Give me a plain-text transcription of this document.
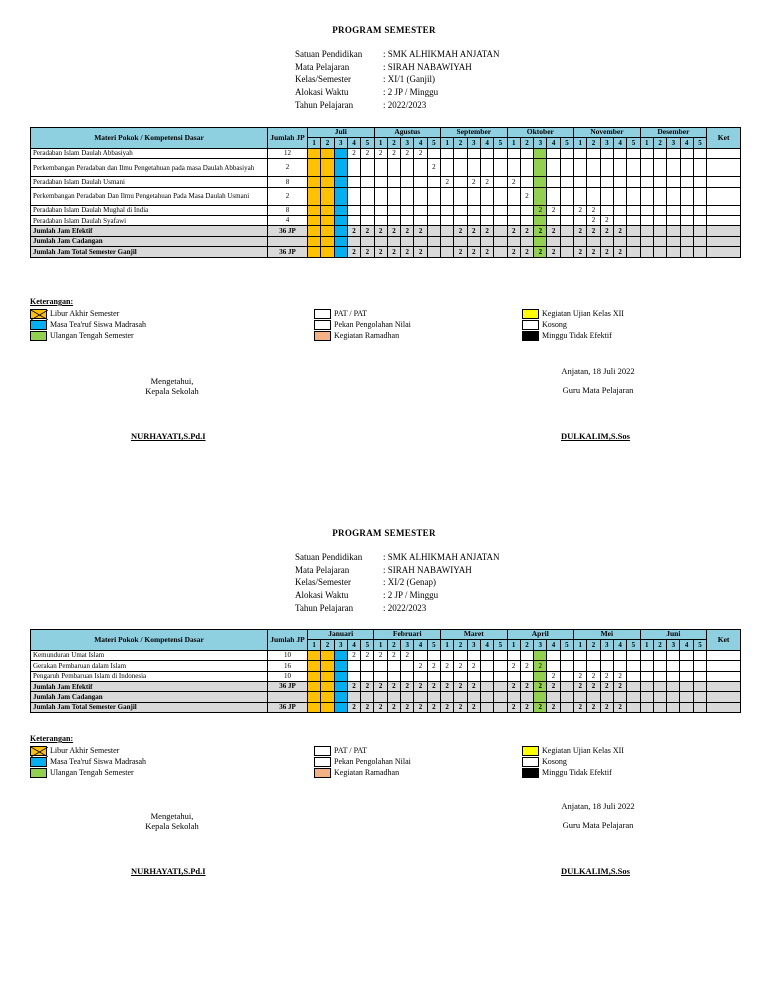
PROGRAM SEMESTER
Satuan Pendidikan	: SMK ALHIKMAH ANJATAN
Mata Pelajaran	: SIRAH NABAWIYAH
Kelas/Semester	: XI/1 (Ganjil)
Alokasi Waktu	: 2 JP / Minggu
Tahun Pelajaran	: 2022/2023
Materi Pokok / Kompetensi Dasar	Jumlah JP	Juli					Agustus					September					Oktober					November					Desember					Ket
		1	2	3	4	5	1	2	3	4	5	1	2	3	4	5	1	2	3	4	5	1	2	3	4	5	1	2	3	4	5	
Peradaban Islam Daulah Abbasiyah	12				2	2	2	2	2	2																						
Perkembangan Peradaban dan Ilmu Pengetahuan pada masa Daulah Abbasiyah	2										2																					
Peradaban Islam Daulah Usmani	8											2		2	2		2															
Perkembangan Peradaban Dan Ilmu Pengetahuan Pada Masa Daulah Usmani	2																	2														
Peradaban Islam Daulah Mughal di India	8																		2	2		2	2									
Peradaban Islam Daulah Syafawi	4																						2	2								
Jumlah Jam Efektif	36 JP				2	2	2	2	2	2			2	2	2		2	2	2	2		2	2	2	2							
Jumlah Jam Cadangan																																
Jumlah Jam Total Semester Ganjil	36 JP				2	2	2	2	2	2			2	2	2		2	2	2	2		2	2	2	2							
Keterangan:
Libur Akhir Semester
Masa Tea'ruf Siswa Madrasah
Ulangan Tengah Semester
PAT / PAT
Pekan Pengolahan Nilai
Kegiatan Ramadhan
Kegiatan Ujian Kelas XII
Kosong
Minggu Tidak Efektif
Mengetahui,
Kepala Sekolah
Anjatan, 18 Juli 2022
Guru Mata Pelajaran
NURHAYATI,S.Pd.I	DULKALIM,S.Sos
PROGRAM SEMESTER
Satuan Pendidikan	: SMK ALHIKMAH ANJATAN
Mata Pelajaran	: SIRAH NABAWIYAH
Kelas/Semester	: XI/2 (Genap)
Alokasi Waktu	: 2 JP / Minggu
Tahun Pelajaran	: 2022/2023
Materi Pokok / Kompetensi Dasar	Jumlah JP	Januari					Februari					Maret					April					Mei					Juni					Ket
		1	2	3	4	5	1	2	3	4	5	1	2	3	4	5	1	2	3	4	5	1	2	3	4	5	1	2	3	4	5	
Kemunduran Umat Islam	10				2	2	2	2	2																							
Gerakan Pembaruan dalam Islam	16									2	2	2	2	2			2	2	2													
Pengaruh Pembaruan Islam di Indonesia	10																			2		2	2	2	2							
Jumlah Jam Efektif	36 JP				2	2	2	2	2	2	2	2	2	2			2	2	2	2		2	2	2	2							
Jumlah Jam Cadangan																																
Jumlah Jam Total Semester Ganjil	36 JP				2	2	2	2	2	2	2	2	2	2			2	2	2	2		2	2	2	2							
Keterangan:
Libur Akhir Semester
Masa Tea'ruf Siswa Madrasah
Ulangan Tengah Semester
PAT / PAT
Pekan Pengolahan Nilai
Kegiatan Ramadhan
Kegiatan Ujian Kelas XII
Kosong
Minggu Tidak Efektif
Mengetahui,
Kepala Sekolah
Anjatan, 18 Juli 2022
Guru Mata Pelajaran
NURHAYATI,S.Pd.I	DULKALIM,S.Sos
